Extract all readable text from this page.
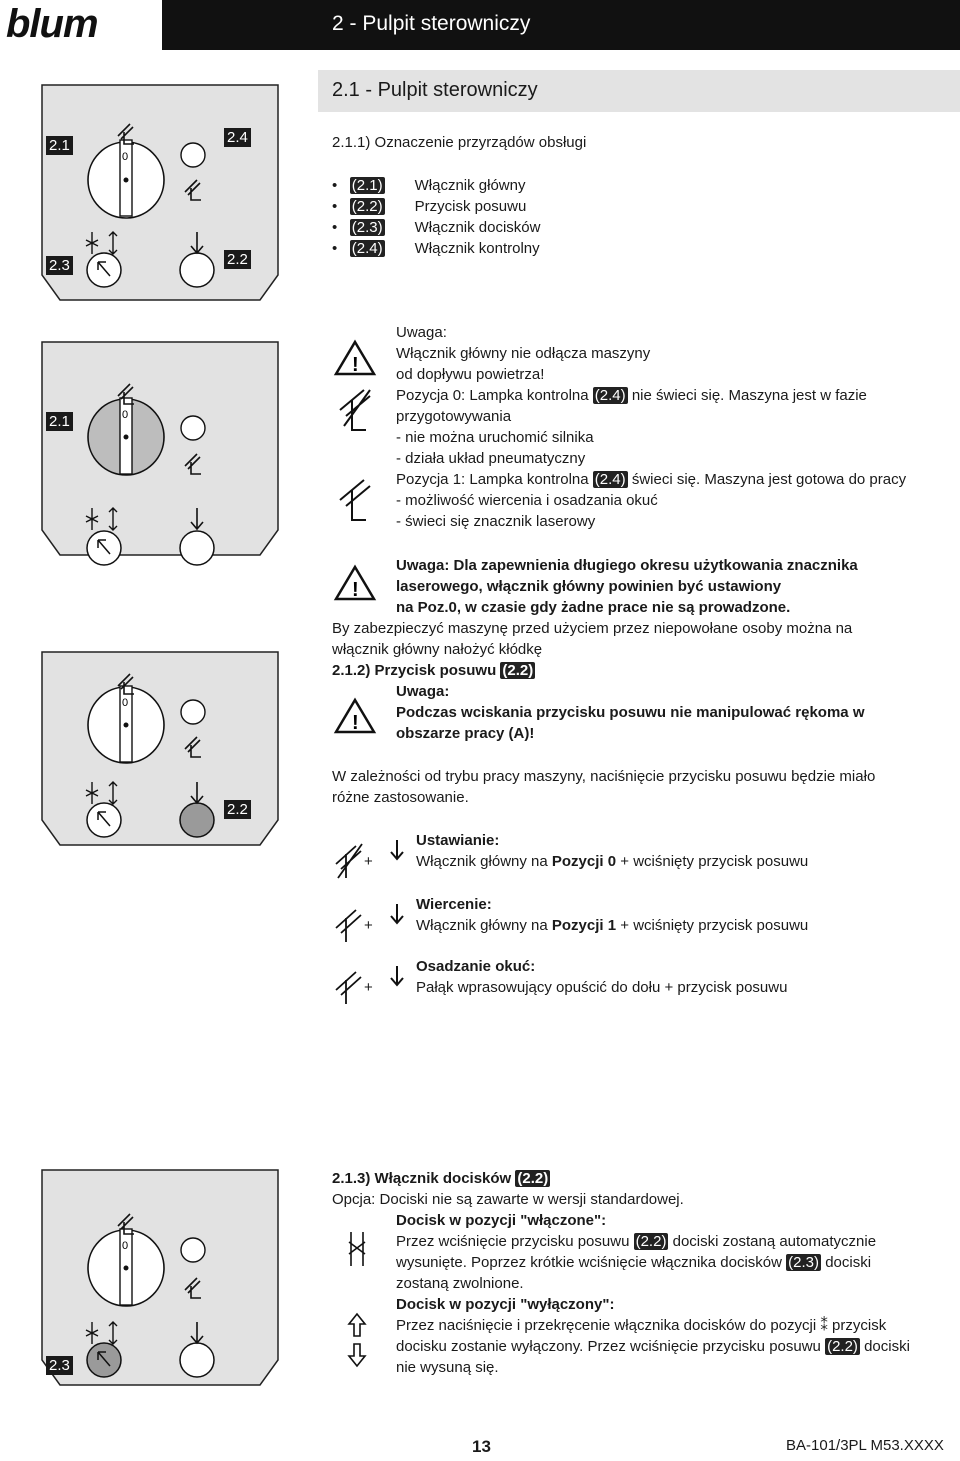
blum	2 - Pulpit sterowniczy
2.1 - Pulpit sterowniczy
0
0
0
0
2.1	2.4
2.3	2.2
2.1
2.2
2.3
2.1.1) Oznaczenie przyrządów obsługi
•   (2.1) Włącznik główny
•   (2.2) Przycisk posuwu
•   (2.3) Włącznik docisków
•   (2.4) Włącznik kontrolny
!
!
!
Uwaga:
Włącznik główny nie odłącza maszyny
od dopływu powietrza!
Pozycja 0: Lampka kontrolna (2.4) nie świeci się. Maszyna jest w fazie
przygotowywania
- nie można uruchomić silnika
- działa układ pneumatyczny
Pozycja 1: Lampka kontrolna (2.4) świeci się. Maszyna jest gotowa do pracy
- możliwość wiercenia i osadzania okuć
- świeci się znacznik laserowy
Uwaga: Dla zapewnienia długiego okresu użytkowania znacznika
laserowego, włącznik główny powinien być ustawiony
na Poz.0, w czasie gdy żadne prace nie są prowadzone.
By zabezpieczyć maszynę przed użyciem przez niepowołane osoby można na
włącznik główny nałożyć kłódkę
2.1.2) Przycisk posuwu (2.2)
Uwaga:
Podczas wciskania przycisku posuwu nie manipulować rękoma w
obszarze pracy (A)!
W zależności od trybu pracy maszyny, naciśnięcie przycisku posuwu będzie miało
różne zastosowanie.
+
+
+
Ustawianie:
Włącznik główny na Pozycji 0 + wciśnięty przycisk posuwu
Wiercenie:
Włącznik główny na Pozycji 1 + wciśnięty przycisk posuwu
Osadzanie okuć:
Pałąk wprasowujący opuścić do dołu + przycisk posuwu
2.1.3) Włącznik docisków (2.2)
Opcja: Dociski nie są zawarte w wersji standardowej.
Docisk w pozycji "włączone":
Przez wciśnięcie przycisku posuwu (2.2) dociski zostaną automatycznie
wysunięte. Poprzez krótkie wciśnięcie włącznika docisków (2.3) dociski
zostaną zwolnione.
Docisk w pozycji "wyłączony":
Przez naciśnięcie i przekręcenie włącznika docisków do pozycji ⁑ przycisk
docisku zostanie wyłączony. Przez wciśnięcie przycisku posuwu (2.2) dociski
nie wysuną się.
13	BA-101/3PL M53.XXXX
